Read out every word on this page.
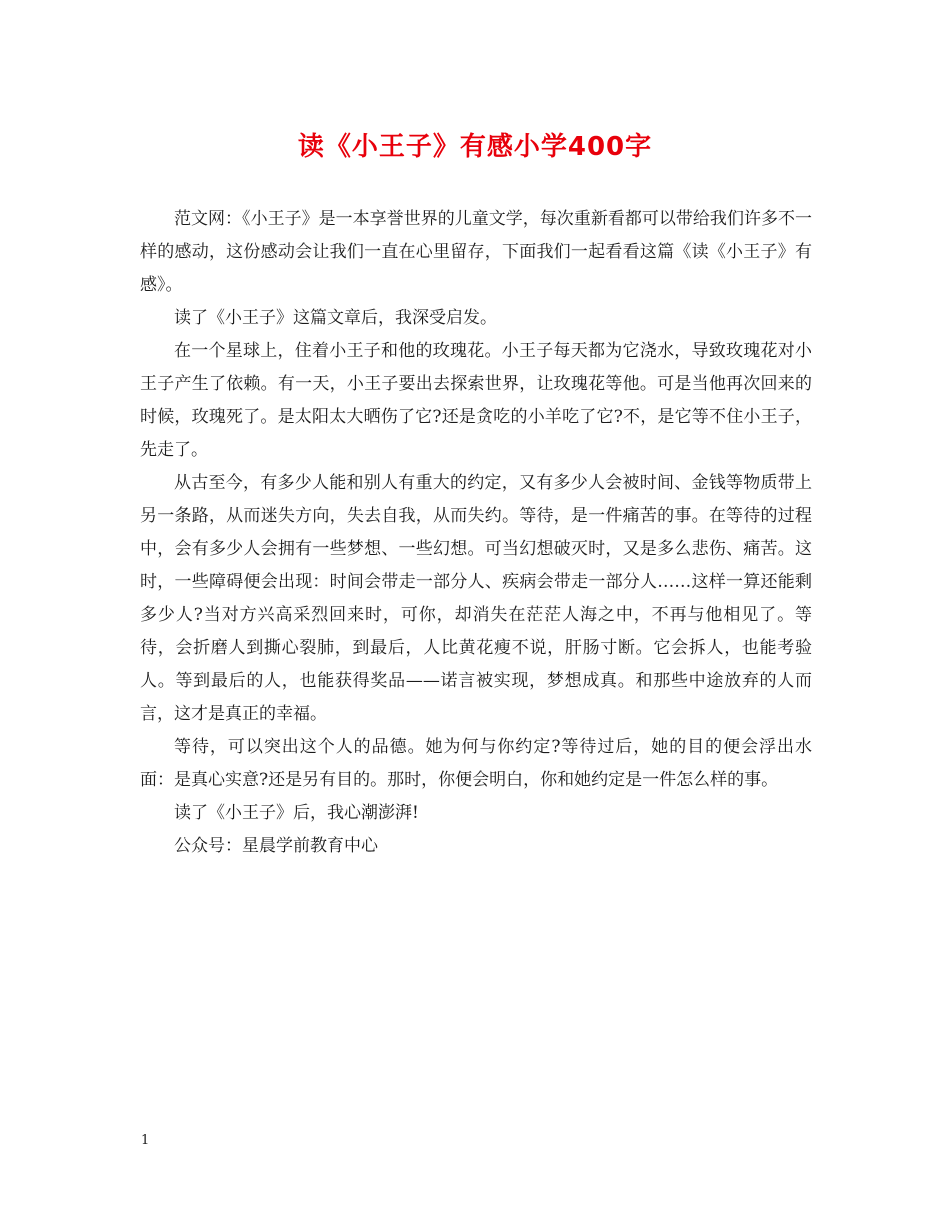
读《小王子》有感小学400字

范文网：《小王子》是一本享誉世界的儿童文学，每次重新看都可以带给我们许多不一样的感动，这份感动会让我们一直在心里留存，下面我们一起看看这篇《读《小王子》有感》。

读了《小王子》这篇文章后，我深受启发。

在一个星球上，住着小王子和他的玫瑰花。小王子每天都为它浇水，导致玫瑰花对小王子产生了依赖。有一天，小王子要出去探索世界，让玫瑰花等他。可是当他再次回来的时候，玫瑰死了。是太阳太大晒伤了它?还是贪吃的小羊吃了它?不，是它等不住小王子，先走了。

从古至今，有多少人能和别人有重大的约定，又有多少人会被时间、金钱等物质带上另一条路，从而迷失方向，失去自我，从而失约。等待，是一件痛苦的事。在等待的过程中，会有多少人会拥有一些梦想、一些幻想。可当幻想破灭时，又是多么悲伤、痛苦。这时，一些障碍便会出现：时间会带走一部分人、疾病会带走一部分人……这样一算还能剩多少人?当对方兴高采烈回来时，可你，却消失在茫茫人海之中，不再与他相见了。等待，会折磨人到撕心裂肺，到最后，人比黄花瘦不说，肝肠寸断。它会拆人，也能考验人。等到最后的人，也能获得奖品——诺言被实现，梦想成真。和那些中途放弃的人而言，这才是真正的幸福。

等待，可以突出这个人的品德。她为何与你约定?等待过后，她的目的便会浮出水面：是真心实意?还是另有目的。那时，你便会明白，你和她约定是一件怎么样的事。

读了《小王子》后，我心潮澎湃!

公众号：星晨学前教育中心

1
